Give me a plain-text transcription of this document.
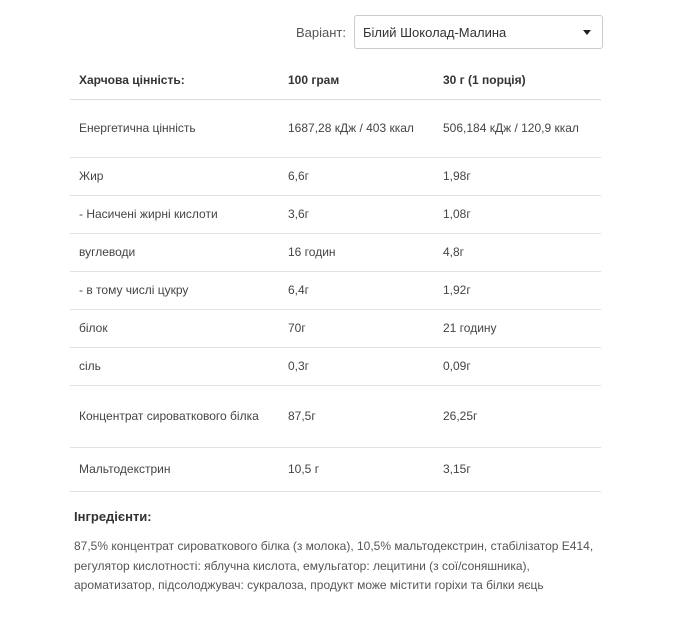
Варіант:	Білий Шоколад-Малина
Харчова цінність:	100 грам	30 г (1 порція)
Енергетична цінність	1687,28 кДж / 403 ккал	506,184 кДж / 120,9 ккал
Жир	6,6г	1,98г
- Насичені жирні кислоти	3,6г	1,08г
вуглеводи	16 годин	4,8г
- в тому числі цукру	6,4г	1,92г
білок	70г	21 годину
сіль	0,3г	0,09г
Концентрат сироваткового білка	87,5г	26,25г
Мальтодекстрин	10,5 г	3,15г
Інгредієнти:
87,5% концентрат сироваткового білка (з молока), 10,5% мальтодекстрин, стабілізатор E414, регулятор кислотності: яблучна кислота, емульгатор: лецитини (з сої/соняшника), ароматизатор, підсолоджувач: сукралоза, продукт може містити горіхи та білки яєць
